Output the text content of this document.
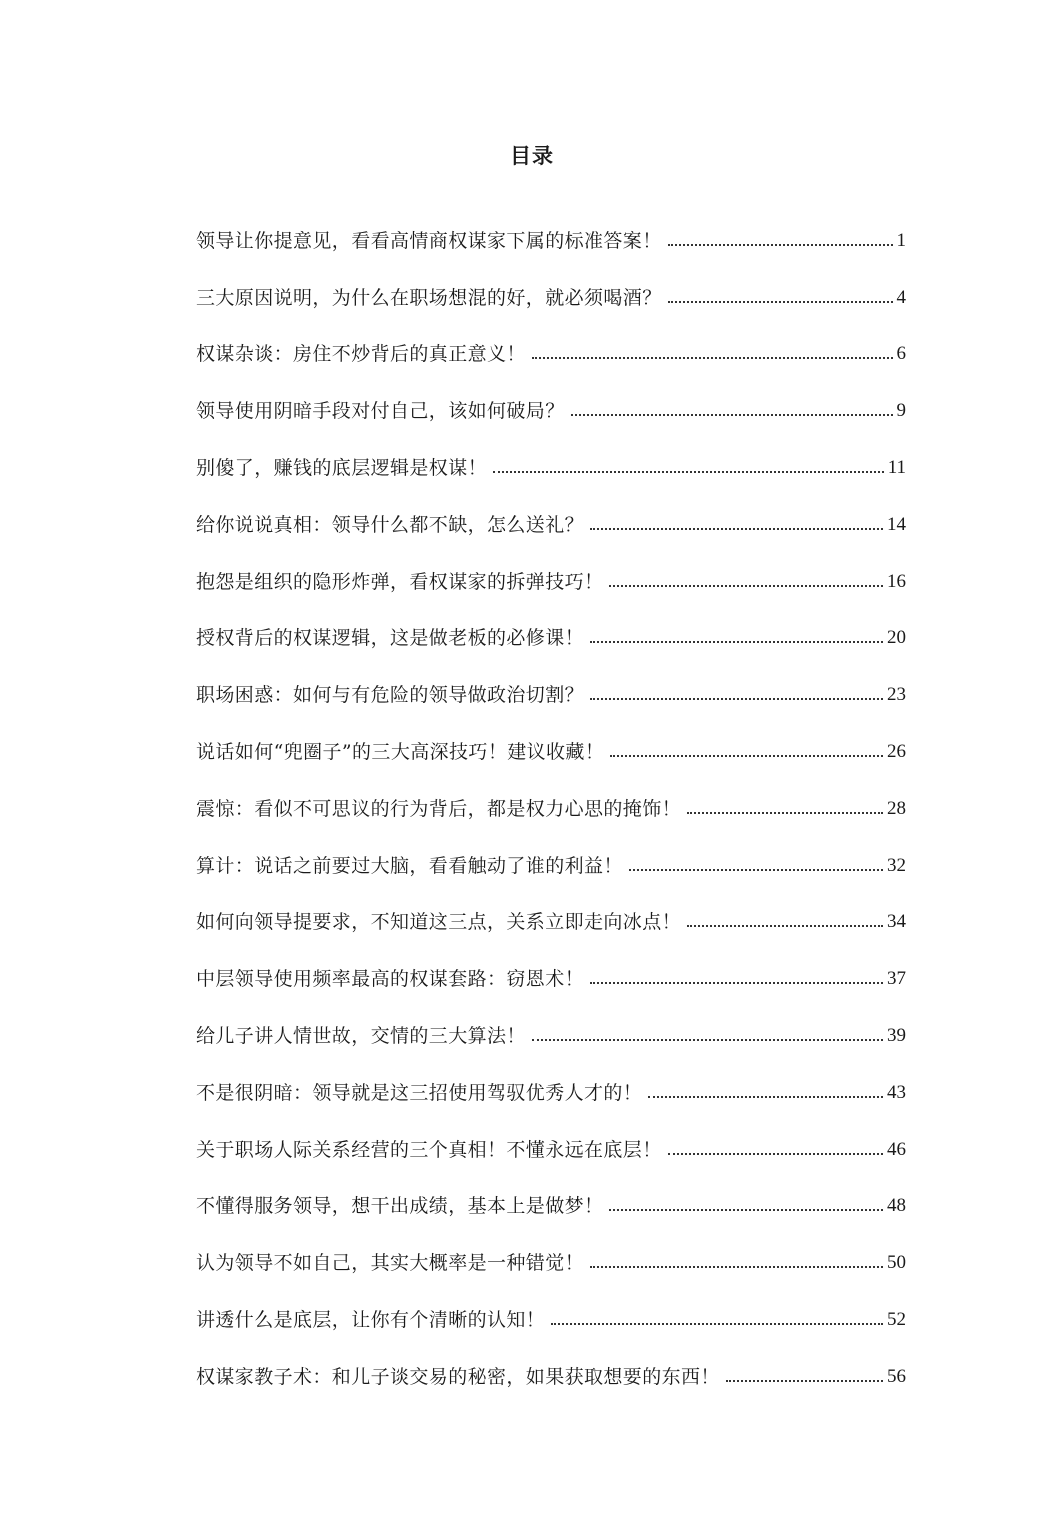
目录
领导让你提意见，看看高情商权谋家下属的标准答案！	1
三大原因说明，为什么在职场想混的好，就必须喝酒？	4
权谋杂谈：房住不炒背后的真正意义！	6
领导使用阴暗手段对付自己，该如何破局？	9
别傻了，赚钱的底层逻辑是权谋！	11
给你说说真相：领导什么都不缺，怎么送礼？	14
抱怨是组织的隐形炸弹，看权谋家的拆弹技巧！	16
授权背后的权谋逻辑，这是做老板的必修课！	20
职场困惑：如何与有危险的领导做政治切割？	23
说话如何“兜圈子”的三大高深技巧！建议收藏！	26
震惊：看似不可思议的行为背后，都是权力心思的掩饰！	28
算计：说话之前要过大脑，看看触动了谁的利益！	32
如何向领导提要求，不知道这三点，关系立即走向冰点！	34
中层领导使用频率最高的权谋套路：窃恩术！	37
给儿子讲人情世故，交情的三大算法！	39
不是很阴暗：领导就是这三招使用驾驭优秀人才的！	43
关于职场人际关系经营的三个真相！不懂永远在底层！	46
不懂得服务领导，想干出成绩，基本上是做梦！	48
认为领导不如自己，其实大概率是一种错觉！	50
讲透什么是底层，让你有个清晰的认知！	52
权谋家教子术：和儿子谈交易的秘密，如果获取想要的东西！	56
